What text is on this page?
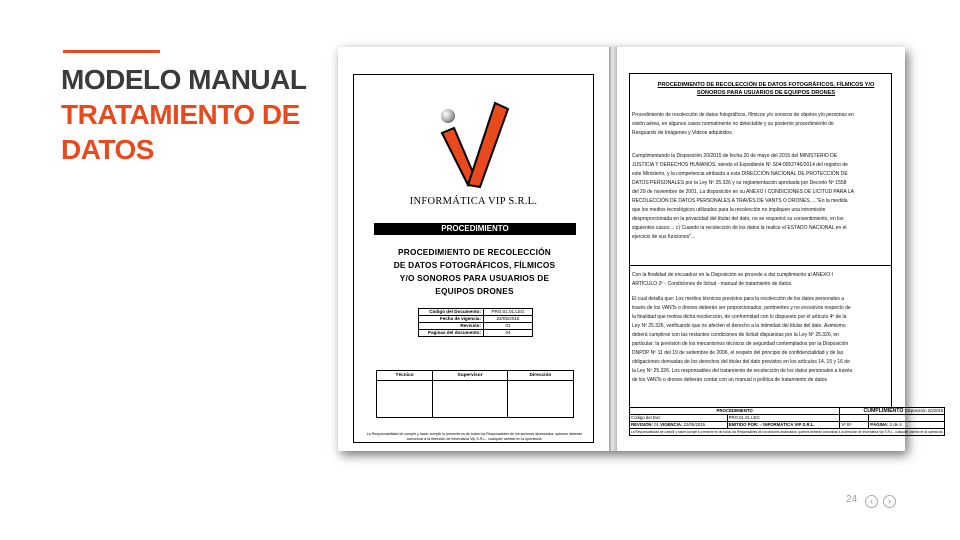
MODELO MANUAL
TRATAMIENTO DE
DATOS
INFORMÁTICA VIP S.R.L.
PROCEDIMIENTO
PROCEDIMIENTO DE RECOLECCIÓN
DE DATOS FOTOGRÁFICOS, FÍLMICOS
Y/O SONOROS PARA USUARIOS DE
EQUIPOS DRONES
Código del Documento:	PRO.01.01.LEG
Fecha de vigencia:	22/05/2015
Revisión:	01
Paginas del documento:	04
Técnico	Supervisor	Dirección

La Responsabilidad de cumplir y hacer cumplir lo presente es de todos los Responsables de los sectores alcanzados, quienes deberán comunicar a la dirección de Informática Vip S.R.L., cualquier cambio en la operatoria.
PROCEDIMIENTO DE RECOLECCIÓN DE DATOS FOTOGRÁFICOS, FÍLMICOS Y/O SONOROS PARA USUARIOS DE EQUIPOS DRONES

Procedimiento de recolección de datos fotográficos, fílmicos y/o sonoros de objetos y/o personas en visión aérea, en algunos casos normalmente no detectable y su posterior procedimiento de Resguardo de Imágenes y Videos adquiridos.

Cumplimentando la Disposición 20/2015 de fecha 20 de mayo del 2015 del MINISTERIO DE JUSTICIA Y DERECHOS HUMANOS, siendo el Expediente Nº S04:0052746/2014 del registro de este Ministerio, y la competencia atribuida a esta DIRECCIÓN NACIONAL DE PROTECCIÓN DE DATOS PERSONALES por la Ley Nº 25.326 y su reglamentación aprobada por Decreto Nº 1558 del 29 de noviembre de 2001. La disposición en su ANEXO I CONDICIONES DE LICITUD PARA LA RECOLECCIÓN DE DATOS PERSONALES A TRAVÉS DE VANTS O DRONES, ..."En la medida que los medios tecnológicos utilizados para la recolección no impliquen una intromisión desproporcionada en la privacidad del titular del dato, no se requerirá su consentimiento, en los siguientes casos:... c) Cuando la recolección de los datos la realice el ESTADO NACIONAL en el ejercicio de sus funciones"...

Con la finalidad de encuadrar en la Disposición se procede a dar cumplimiento al ANEXO I ARTÍCULO 2º - Condiciones de licitud - manual de tratamiento de datos.

El cual detalla que: Los medios técnicos previstos para la recolección de los datos personales a través de los VANTs o drones deberán ser proporcionados, pertinentes y no excesivos respecto de la finalidad que motiva dicha recolección, de conformidad con lo dispuesto por el artículo 4º de la Ley Nº 25.326, verificando que no afecten el derecho a la intimidad del titular del dato. Asimismo deberá cumplirse con las restantes condiciones de licitud dispuestas por la Ley Nº 25.326, en particular: la previsión de los mecanismos técnicos de seguridad contemplados por la Disposición DNPDP Nº 11 del 19 de setiembre de 2006, el respeto del principio de confidencialidad y de las obligaciones derivadas de los derechos del titular del dato previstos en los artículos 14, 15 y 16 de la Ley Nº 25.326. Los responsables del tratamiento de recolección de los datos personales a través de los VANTs o drones deberán contar con un manual o política de tratamiento de datos

PROCEDIMIENTO		CUMPLIMIENTO Disposición 20/2015	
Código del Doc:	PRO.01.01.LEG		
REVISIÓN: 01 VIGENCIA: 22/05/2015	EMITIDO POR: ✓INFORMÁTICA VIP S.R.L.	Vº Bº	PÁGINA: 2 de 4
La Responsabilidad de cumplir y hacer cumplir lo presente es de todos los Responsables de los sectores alcanzados, quienes deberán comunicar a la dirección de Informática Vip S.R.L., cualquier cambio en la operatoria.			
24	‹	›
